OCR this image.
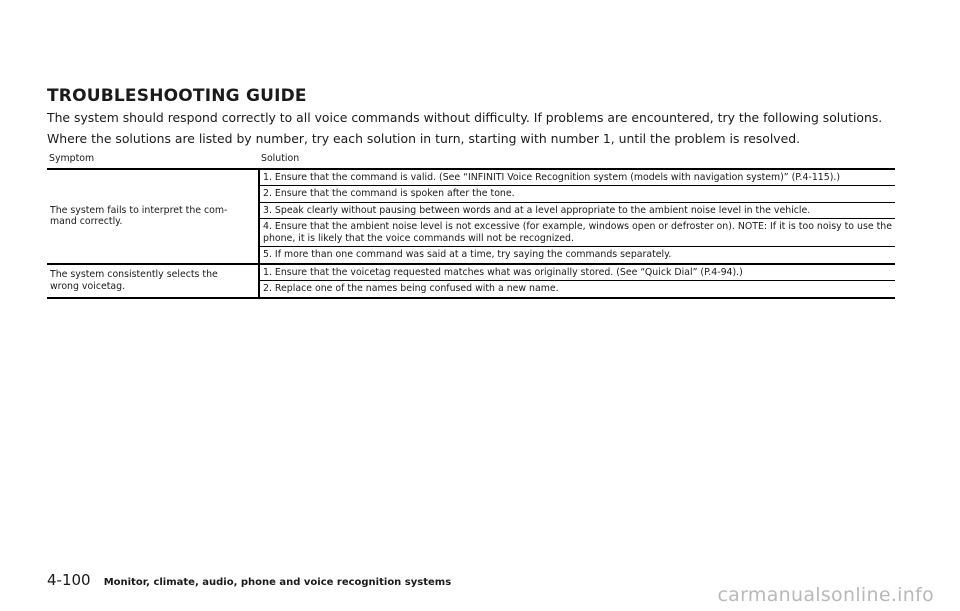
TROUBLESHOOTING GUIDE

The system should respond correctly to all voice commands without difficulty. If problems are encountered, try the following solutions.

Where the solutions are listed by number, try each solution in turn, starting with number 1, until the problem is resolved.

Symptom	Solution
The system fails to interpret the com-
mand correctly.	1. Ensure that the command is valid. (See “INFINITI Voice Recognition system (models with navigation system)” (P.4-115).)
	2. Ensure that the command is spoken after the tone.
	3. Speak clearly without pausing between words and at a level appropriate to the ambient noise level in the vehicle.
	4. Ensure that the ambient noise level is not excessive (for example, windows open or defroster on). NOTE: If it is too noisy to use the phone, it is likely that the voice commands will not be recognized.
	5. If more than one command was said at a time, try saying the commands separately.
The system consistently selects the
wrong voicetag.	1. Ensure that the voicetag requested matches what was originally stored. (See “Quick Dial” (P.4-94).)
	2. Replace one of the names being confused with a new name.
4-100 Monitor, climate, audio, phone and voice recognition systems
carmanualsonline.info
